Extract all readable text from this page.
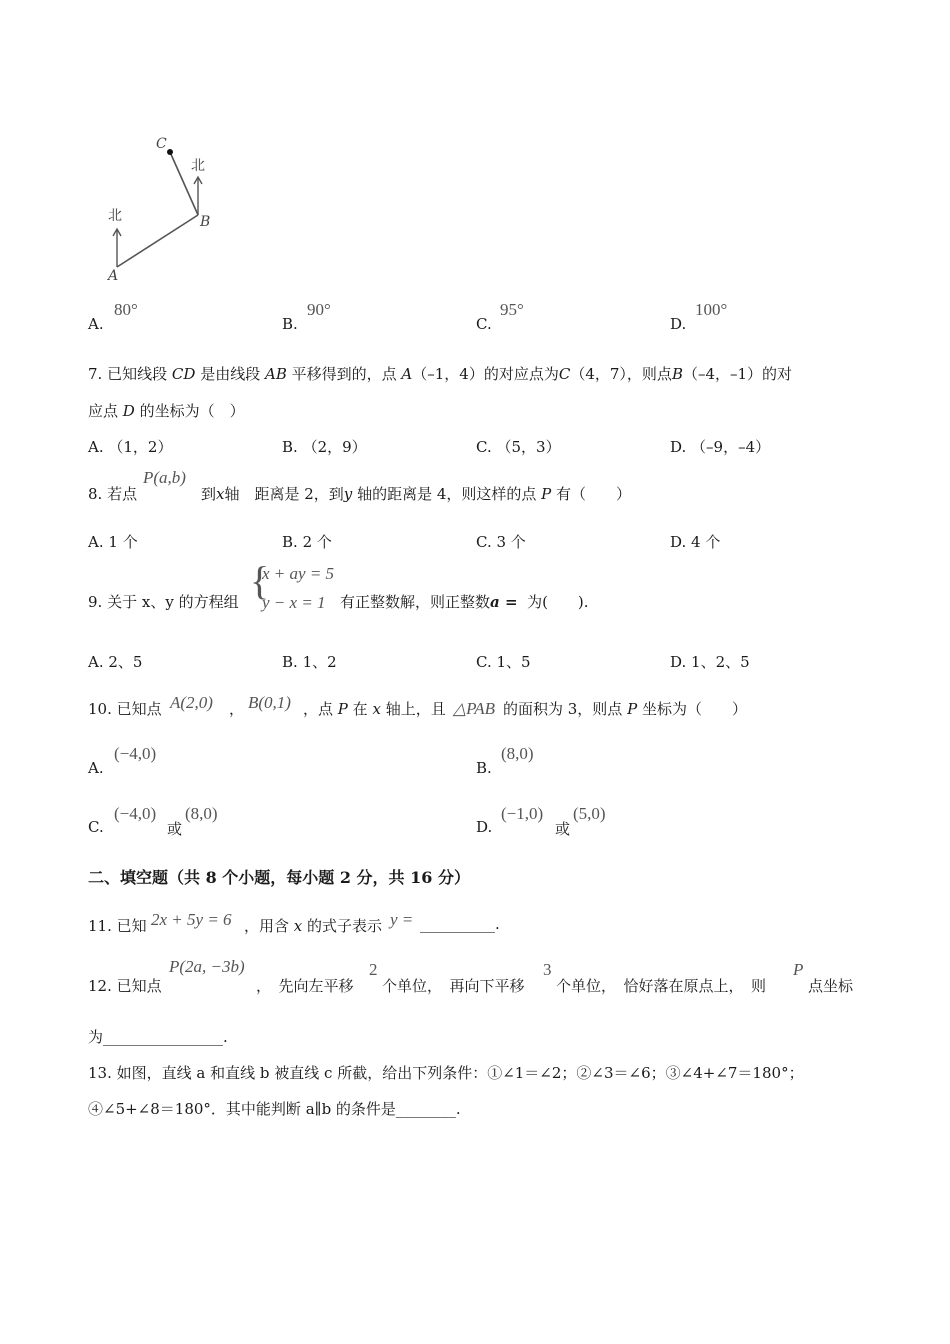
A
B
C
北
北
A.
80°
B.
90°
C.
95°
D.
100°
7. 已知线段 CD 是由线段 AB 平移得到的，点 A（–1，4）的对应点为C（4，7），则点B（–4，–1）的对
应点 D 的坐标为（　）
A. （1，2）	B. （2，9）	C. （5，3）	D. （–9，–4）
8. 若点
P(a,b)
到x轴　距离是 2，到y 轴的距离是 4，则这样的点 P 有（　　）
A. 1 个	B. 2 个	C. 3 个	D. 4 个
9. 关于 x、y 的方程组 {
x + ay = 5
y − x = 1 有正整数解，则正整数a = 为(　　).
A. 2、5	B. 1、2	C. 1、5	D. 1、2、5
10. 已知点 A(2,0) ， B(0,1) ，点 P 在 x 轴上，且 △PAB 的面积为 3，则点 P 坐标为（　　）
A.
(−4,0)
B.
(8,0)
C.
(−4,0)
或
(8,0)
D.
(−1,0)
或
(5,0)
二、填空题（共 8 个小题，每小题 2 分，共 16 分）
11. 已知 2x + 5y = 6 ，用含 x 的式子表示 y = __________.
12. 已知点
P(2a, −3b)
，　先向左平移
2
个单位，　再向下平移
3
个单位，　恰好落在原点上，　则
P
点坐标
为________________.
13. 如图，直线 a 和直线 b 被直线 c 所截，给出下列条件：①∠1＝∠2；②∠3＝∠6；③∠4+∠7＝180°；
④∠5+∠8＝180°．其中能判断 a∥b 的条件是________.
